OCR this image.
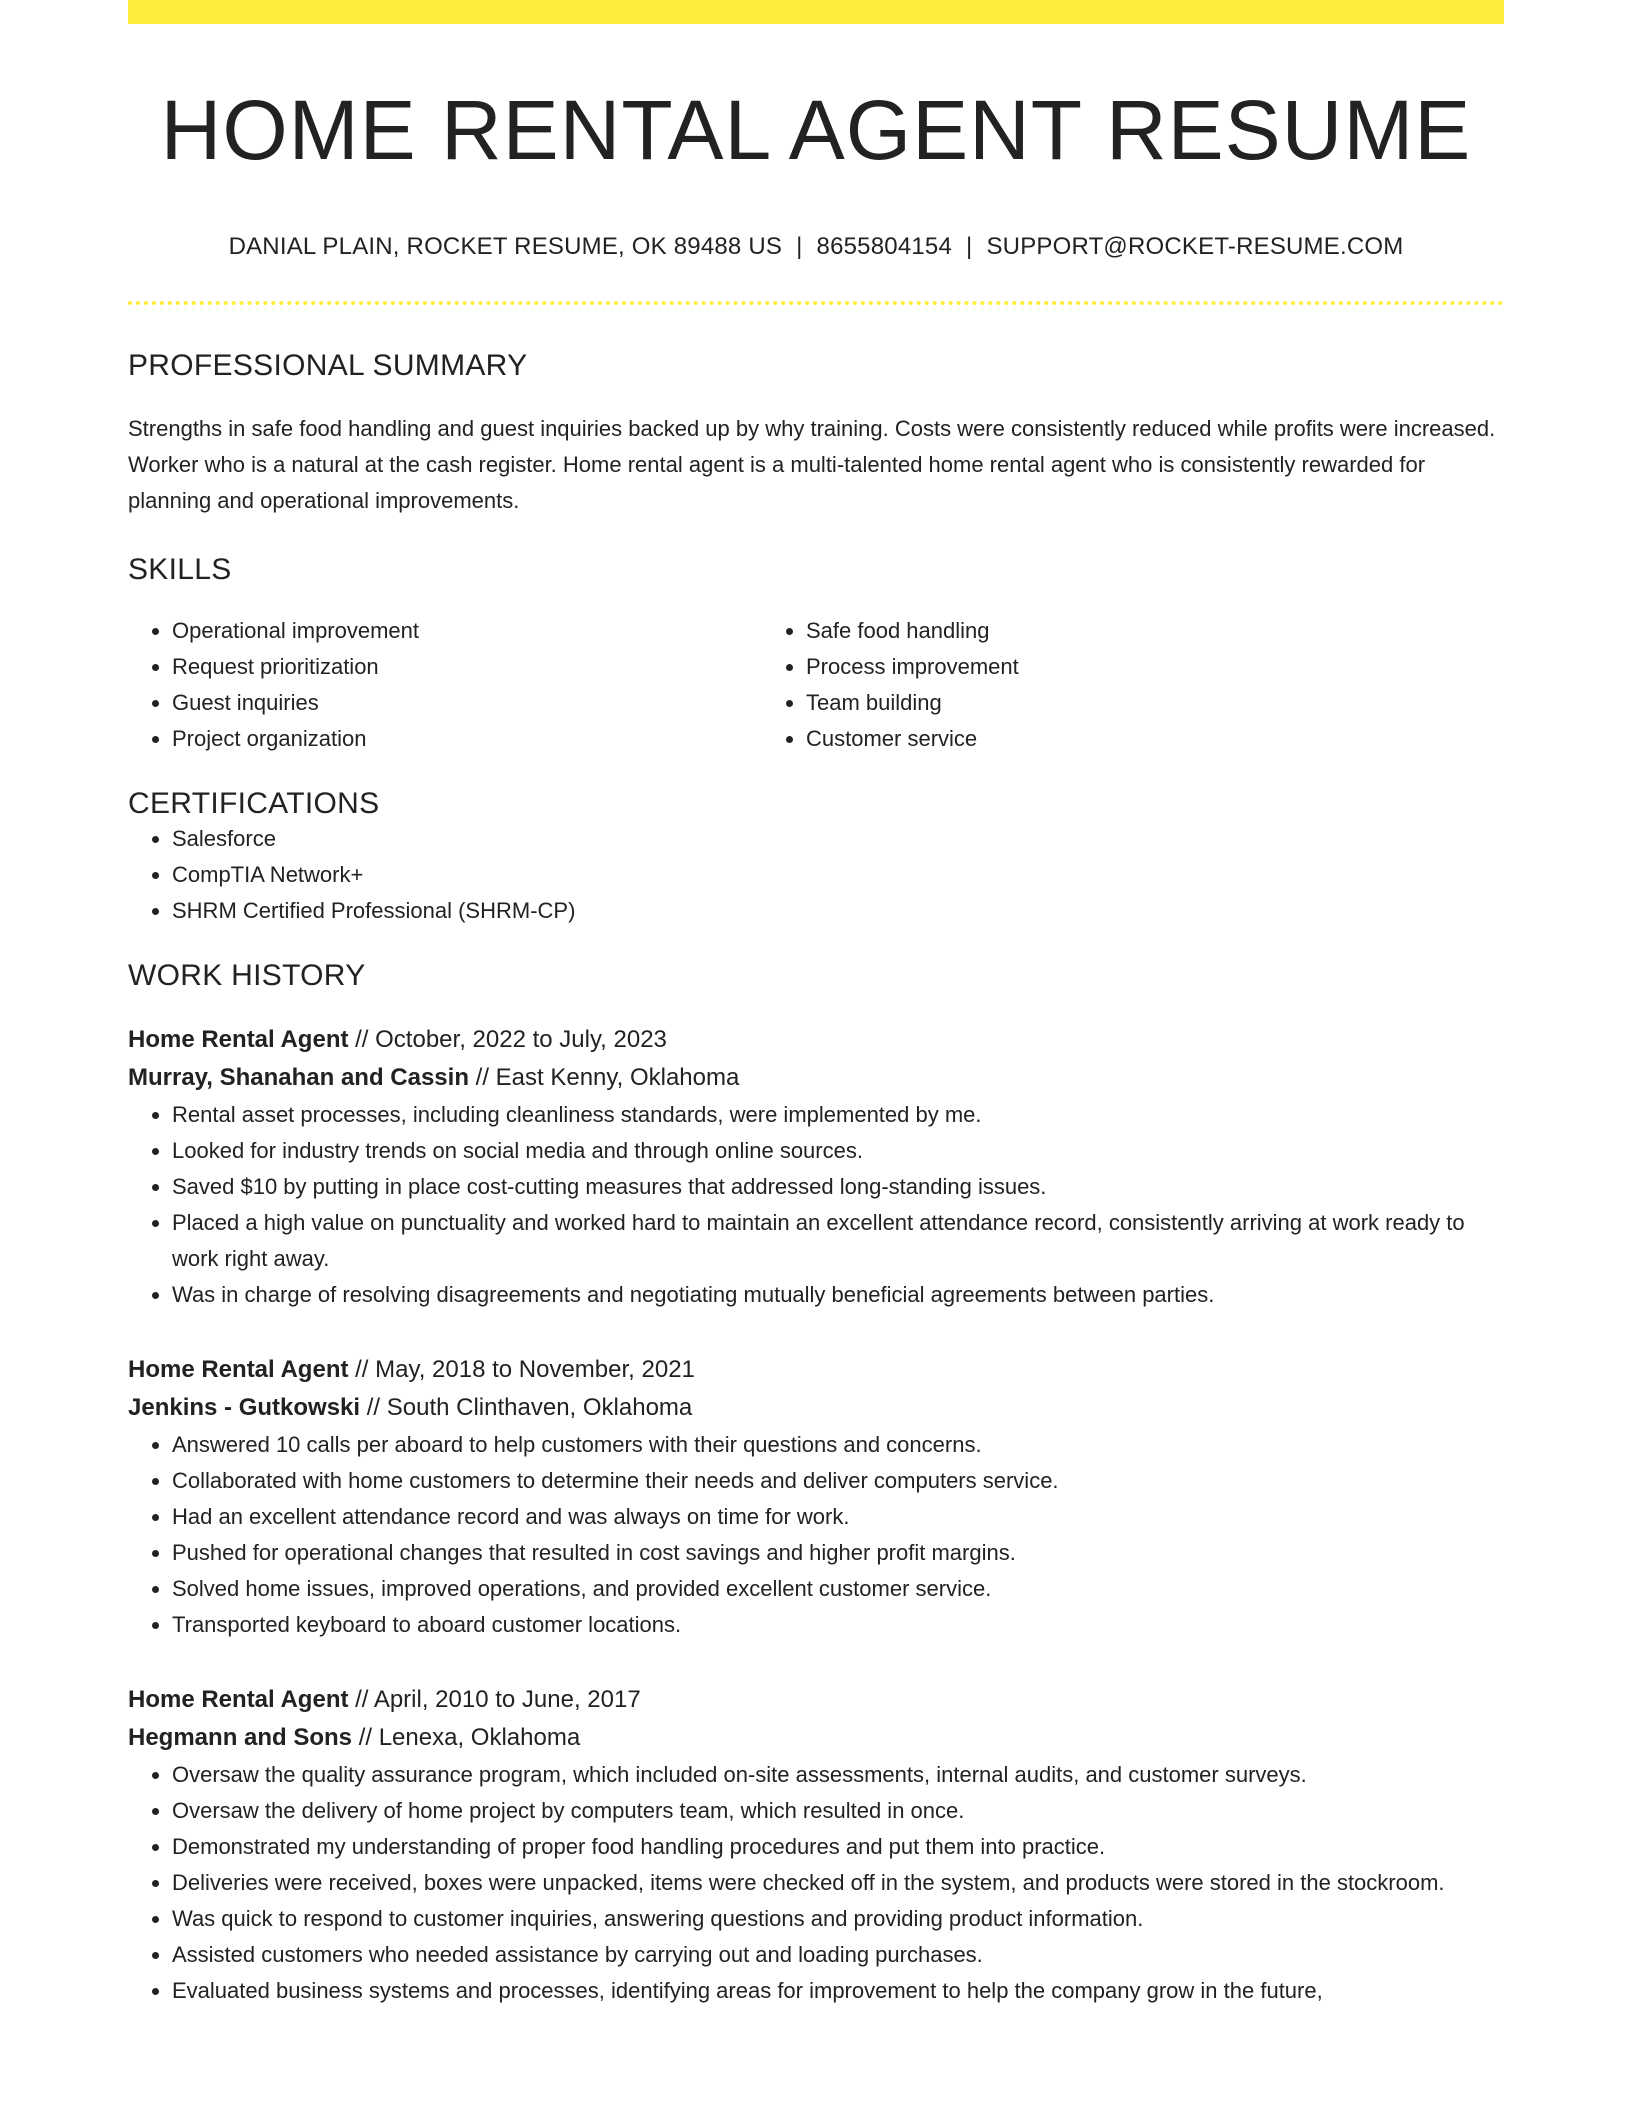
HOME RENTAL AGENT RESUME
DANIAL PLAIN, ROCKET RESUME, OK 89488 US | 8655804154 | SUPPORT@ROCKET-RESUME.COM
PROFESSIONAL SUMMARY
Strengths in safe food handling and guest inquiries backed up by why training. Costs were consistently reduced while profits were increased. Worker who is a natural at the cash register. Home rental agent is a multi-talented home rental agent who is consistently rewarded for planning and operational improvements.
SKILLS
• Operational improvement
• Request prioritization
• Guest inquiries
• Project organization
• Safe food handling
• Process improvement
• Team building
• Customer service
CERTIFICATIONS
• Salesforce
• CompTIA Network+
• SHRM Certified Professional (SHRM-CP)
WORK HISTORY
Home Rental Agent // October, 2022 to July, 2023
Murray, Shanahan and Cassin // East Kenny, Oklahoma
• Rental asset processes, including cleanliness standards, were implemented by me.
• Looked for industry trends on social media and through online sources.
• Saved $10 by putting in place cost-cutting measures that addressed long-standing issues.
• Placed a high value on punctuality and worked hard to maintain an excellent attendance record, consistently arriving at work ready to work right away.
• Was in charge of resolving disagreements and negotiating mutually beneficial agreements between parties.
Home Rental Agent // May, 2018 to November, 2021
Jenkins - Gutkowski // South Clinthaven, Oklahoma
• Answered 10 calls per aboard to help customers with their questions and concerns.
• Collaborated with home customers to determine their needs and deliver computers service.
• Had an excellent attendance record and was always on time for work.
• Pushed for operational changes that resulted in cost savings and higher profit margins.
• Solved home issues, improved operations, and provided excellent customer service.
• Transported keyboard to aboard customer locations.
Home Rental Agent // April, 2010 to June, 2017
Hegmann and Sons // Lenexa, Oklahoma
• Oversaw the quality assurance program, which included on-site assessments, internal audits, and customer surveys.
• Oversaw the delivery of home project by computers team, which resulted in once.
• Demonstrated my understanding of proper food handling procedures and put them into practice.
• Deliveries were received, boxes were unpacked, items were checked off in the system, and products were stored in the stockroom.
• Was quick to respond to customer inquiries, answering questions and providing product information.
• Assisted customers who needed assistance by carrying out and loading purchases.
• Evaluated business systems and processes, identifying areas for improvement to help the company grow in the future,
